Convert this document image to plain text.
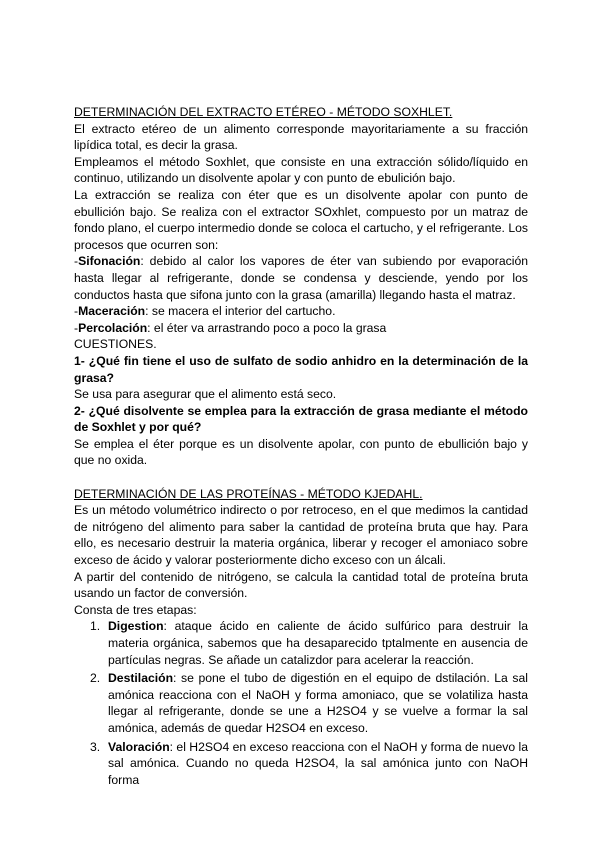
DETERMINACIÓN DEL EXTRACTO ETÉREO - MÉTODO SOXHLET.

El extracto etéreo de un alimento corresponde mayoritariamente a su fracción lipídica total, es decir la grasa.

Empleamos el método Soxhlet, que consiste en una extracción sólido/líquido en continuo, utilizando un disolvente apolar y con punto de ebulición bajo.

La extracción se realiza con éter que es un disolvente apolar con punto de ebullición bajo. Se realiza con el extractor SOxhlet, compuesto por un matraz de fondo plano, el cuerpo intermedio donde se coloca el cartucho, y el refrigerante. Los procesos que ocurren son:

-Sifonación: debido al calor los vapores de éter van subiendo por evaporación hasta llegar al refrigerante, donde se condensa y desciende, yendo por los conductos hasta que sifona junto con la grasa (amarilla) llegando hasta el matraz.

-Maceración: se macera el interior del cartucho.

-Percolación: el éter va arrastrando poco a poco la grasa

CUESTIONES.

1- ¿Qué fin tiene el uso de sulfato de sodio anhidro en la determinación de la grasa?

Se usa para asegurar que el alimento está seco.

2- ¿Qué disolvente se emplea para la extracción de grasa mediante el método de Soxhlet y por qué?

Se emplea el éter porque es un disolvente apolar, con punto de ebullición bajo y que no oxida.

DETERMINACIÓN DE LAS PROTEÍNAS - MÉTODO KJEDAHL.

Es un método volumétrico indirecto o por retroceso, en el que medimos la cantidad de nitrógeno del alimento para saber la cantidad de proteína bruta que hay. Para ello, es necesario destruir la materia orgánica, liberar y recoger el amoniaco sobre exceso de ácido y valorar posteriormente dicho exceso con un álcali.

A partir del contenido de nitrógeno, se calcula la cantidad total de proteína bruta usando un factor de conversión.

Consta de tres etapas:

1. Digestion: ataque ácido en caliente de ácido sulfúrico para destruir la materia orgánica, sabemos que ha desaparecido tptalmente en ausencia de partículas negras. Se añade un catalizdor para acelerar la reacción.
2. Destilación: se pone el tubo de digestión en el equipo de dstilación. La sal amónica reacciona con el NaOH y forma amoniaco, que se volatiliza hasta llegar al refrigerante, donde se une a H2SO4 y se vuelve a formar la sal amónica, además de quedar H2SO4 en exceso.
3. Valoración: el H2SO4 en exceso reacciona con el NaOH y forma de nuevo la sal amónica. Cuando no queda H2SO4, la sal amónica junto con NaOH forma
